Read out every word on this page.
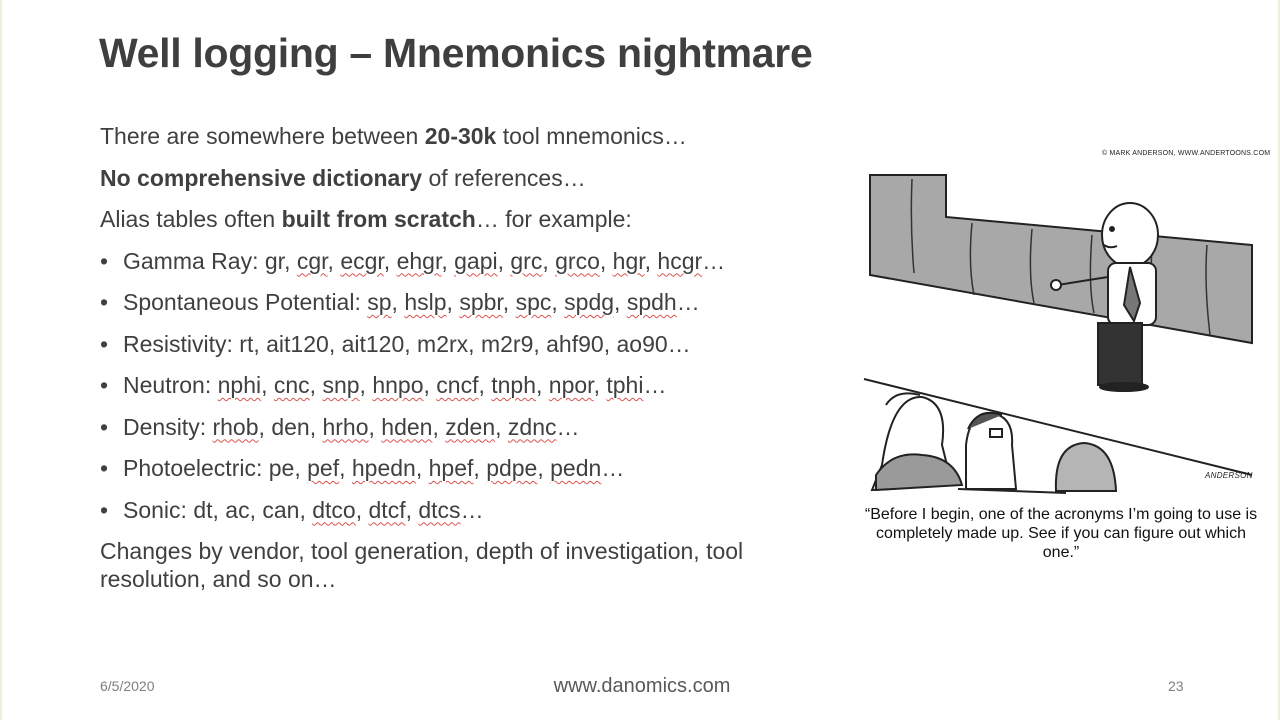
Well logging – Mnemonics nightmare
There are somewhere between 20-30k tool mnemonics…
No comprehensive dictionary of references…
Alias tables often built from scratch… for example:
• Gamma Ray: gr, cgr, ecgr, ehgr, gapi, grc, grco, hgr, hcgr…
• Spontaneous Potential: sp, hslp, spbr, spc, spdg, spdh…
• Resistivity: rt, ait120, ait120, m2rx, m2r9, ahf90, ao90…
• Neutron: nphi, cnc, snp, hnpo, cncf, tnph, npor, tphi…
• Density: rhob, den, hrho, hden, zden, zdnc…
• Photoelectric: pe, pef, hpedn, hpef, pdpe, pedn…
• Sonic: dt, ac, can, dtco, dtcf, dtcs…
Changes by vendor, tool generation, depth of investigation, tool resolution, and so on…
© MARK ANDERSON, WWW.ANDERTOONS.COM
ANDERSON
“Before I begin, one of the acronyms I’m going to use is completely made up. See if you can figure out which one.”
6/5/2020	www.danomics.com	23
